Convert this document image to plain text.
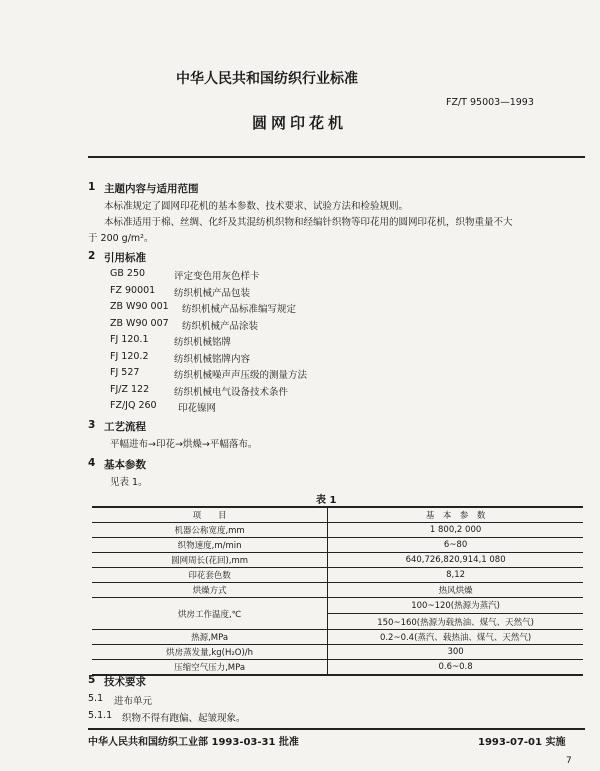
中华人民共和国纺织行业标准
FZ/T 95003—1993
圆网印花机
1 主题内容与适用范围
本标准规定了圆网印花机的基本参数、技术要求、试验方法和检验规则。
本标准适用于棉、丝绸、化纤及其混纺机织物和经编针织物等印花用的圆网印花机，织物重量不大
于 200 g/m²。
2 引用标准
GB 250	评定变色用灰色样卡
FZ 90001 纺织机械产品包装
ZB W90 001 纺织机械产品标准编写规定
ZB W90 007 纺织机械产品涂装
FJ 120.1	纺织机械铭牌
FJ 120.2	纺织机械铭牌内容
FJ 527	纺织机械噪声声压级的测量方法
FJ/Z 122	纺织机械电气设备技术条件
FZ/JQ 260 印花镍网
3 工艺流程
平幅进布→印花→烘燥→平幅落布。
4 基本参数
见表 1。
表 1
项　　目	基　本　参　数
机器公称宽度,mm	1 800,2 000
织物速度,m/min	6~80
圆网周长(花回),mm	640,726,820,914,1 080
印花套色数	8,12
烘燥方式	热风烘燥
烘房工作温度,℃	100~120(热源为蒸汽)
150~160(热源为载热油、煤气、天然气)

热源,MPa	0.2~0.4(蒸汽、载热油、煤气、天然气)
烘房蒸发量,kg(H₂O)/h	300
压缩空气压力,MPa	0.6~0.8
5 技术要求
5.1 进布单元
5.1.1 织物不得有跑偏、起皱现象。
中华人民共和国纺织工业部 1993-03-31 批准	1993-07-01 实施
7
